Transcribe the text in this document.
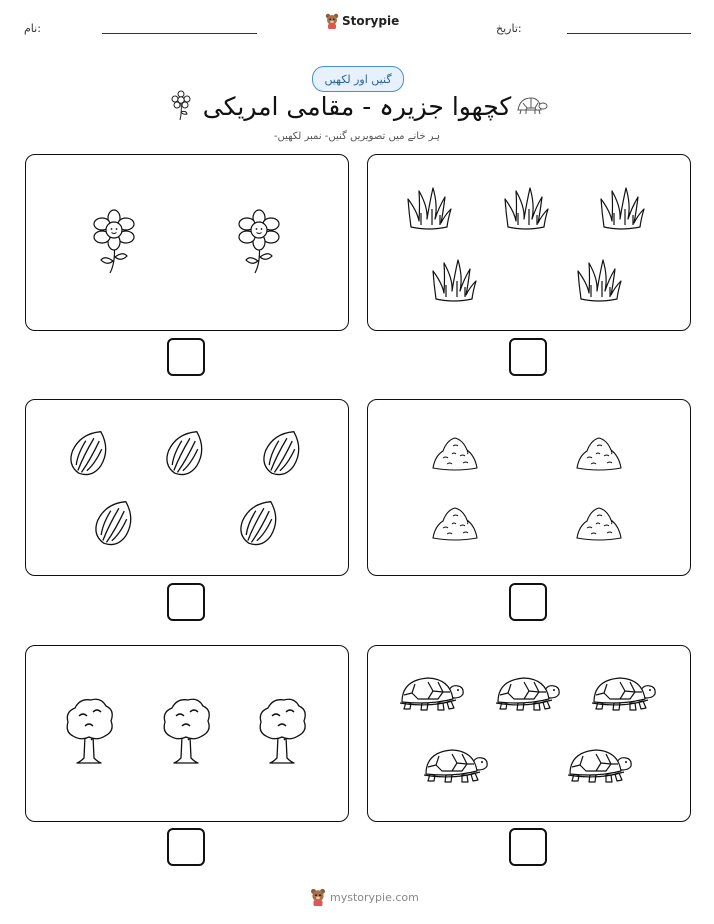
نام:
Storypie
تاریخ:
گنیں اور لکھیں
کچھوا جزیرہ - مقامی امریکی
ہر خانے میں تصویریں گنیں- نمبر لکھیں-
mystorypie.com
